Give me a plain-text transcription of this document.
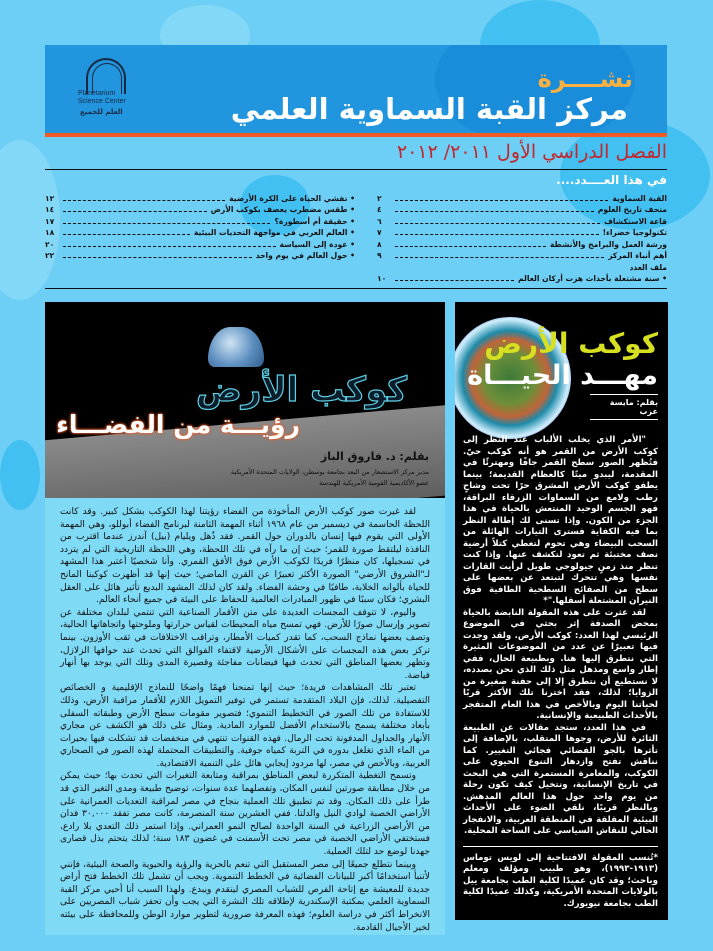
Planetarium
Science Center
العلم للجميع
نشــــرة
مركز القبة السماوية العلمي
الفصل الدراسي الأول ٢٠١١/ ٢٠١٢
في هذا العــــدد....
القبة السماوية
٢
متحف تاريخ العلوم
٤
قاعة الاستكشاف
٦
تكنولوجيا خضراء!
٧
ورشة العمل والبرامج والأنشطة
٨
أهم أنباء المركز
٩
ملف العدد
• سنة مشتعلة بأحداث هزت أركان العالم
١٠
• تفشي الحياة على الكرة الأرضية
١٢
• طقس مضطرب يعصف بكوكب الأرض
١٤
• حقيقة أم أسطورة؟
١٧
• العالم العربي في مواجهة التحديات البيئية
١٨
• عودة إلى السياسة
٢٠
• حول العالم في يوم واحد
٢٢
كوكب الأرض
رؤيـــة من الفضـــاء
بقلم: د. فاروق الباز
مدير مركز الاستشعار من البعد بجامعة بوسطن، الولايات المتحدة الأمريكية
عضو الأكاديمية القومية الأمريكية للهندسة

لقد غيرت صور كوكب الأرض المأخوذة من الفضاء رؤيتنا لهذا الكوكب بشكل كبير. وقد كانت اللحظة الحاسمة في ديسمبر من عام ١٩٦٨ أثناء المهمة الثامنة لبرنامج الفضاء أبوللو، وهي المهمة الأولى التي يقوم فيها إنسان بالدوران حول القمر. فقد ذُهل ويليام (بيل) آندرز عندما اقترب من النافذة ليلتقط صورة للقمر؛ حيث إن ما رآه في تلك اللحظة، وهي اللحظة التاريخية التي لم يتردد في تسجيلها، كان منظرًا فريدًا لكوكب الأرض فوق الأفق القمري. وأنا شخصيًا أعتبر هذا المشهد لـ"الشروق الأرضي" الصورة الأكثر تعبيرًا عن القرن الماضي؛ حيث إنها قد أظهرت كوكبنا المانح للحياة بألوانه الخلابة، طافيًا في وحشة الفضاء. ولقد كان لذلك المشهد البديع تأثير هائل على العقل البشري؛ فكان سببًا في ظهور المبادرات العالمية للحفاظ على البيئة في جميع أنحاء العالم.

واليوم، لا تتوقف المجسات العديدة على متن الأقمار الصناعية التي تنتمي لبلدان مختلفة عن تصوير وإرسال صورًا للأرض. فهي تمسح مياه المحيطات لقياس حرارتها وملوحتها واتجاهاتها الحالية، وتصف بعضها نماذج السحب، كما تقدر كميات الأمطار، وتراقب الاختلافات في ثقب الأوزون. بينما تركز بعض هذه المجسات على الأشكال الأرضية لاقتفاء الفوالق التي تحدث عند حوافها الزلازل، وتظهر بعضها المناطق التي تحدث فيها فيضانات مفاجئة وقصيرة المدى وتلك التي يوجد بها أنهار فياضة.

تعتبر تلك المشاهدات فريدة؛ حيث إنها تمنحنا فهمًا واضحًا للنماذج الإقليمية و الخصائص التفصيلية. لذلك، فإن البلاد المتقدمة تستمر في توفير التمويل اللازم للأقمار مراقبة الأرض، وذلك للاستفادة من تلك الصور في التخطيط التنموي؛ فتصوير مقومات سطح الأرض وطبقاته السفلى بأبعاد مختلفة يسمح بالاستخدام الأفضل للموارد المادية. ومثال على ذلك هو الكشف عن مجاري الأنهار والجداول المدفونة تحت الرمال. فهذه القنوات تنتهي في منخفضات قد تشكلت فيها بحيرات من الماء الذي تغلغل بدوره في التربة كمياه جوفية. والتطبيقات المحتملة لهذه الصور في الصحاري العربية، وبالأخص في مصر، لها مردود إيجابي هائل على التنمية الاقتصادية.

وتسمح التغطية المتكررة لبعض المناطق بمراقبة ومتابعة التغيرات التي تحدث بها؛ حيث يمكن من خلال مطابقة صورتين لنفس المكان، وتفصلهما عدة سنوات، توضيح طبيعة ومدى التغير الذي قد طرأ على ذلك المكان. وقد تم تطبيق تلك العملية بنجاح في مصر لمراقبة التعديات العمرانية على الأراضي الخصبة لوادي النيل والدلتا. ففي العشرين سنة المنصرمة، كانت مصر تفقد ٣٠,٠٠٠ فدان من الأراضي الزراعية في السنة الواحدة لصالح النمو العمراني. وإذا استمر ذلك التعدي بلا رادع، فستختفي الأراضي الخصبة في مصر تحت الأسمنت في غضون ١٨٣ سنة؛ لذلك يتحتم بذل قصارى جهدنا لوضع حد لتلك العملية.

وبينما نتطلع جميعًا إلى مصر المستقبل التي تنعم بالحرية والرؤية والحيوية والصحة البيئية، فإنني لأتنبأ استخدامًا أكبر للبيانات الفضائية في الخطط التنموية. ويجب أن تشمل تلك الخطط فتح أراض جديدة للمعيشة مع إتاحة الفرص للشباب المصري ليتقدم ويبدع. ولهذا السبب أنا أحيي مركز القبة السماوية العلمي بمكتبة الإسكندرية لإطلاقه تلك النشرة التي يجب وأن تحفز شباب المصريين على الانخراط أكثر في دراسة العلوم؛ فهذه المعرفة ضرورية لتطوير موارد الوطن وللمحافظة على بيئته لخير الأجيال القادمة.

كوكب الأرض
مهـــد الحيـــاة
بقلم: مايسة عزب

"الأمر الذي يخلب الألباب عند النظر إلى كوكب الأرض من القمر هو أنه كوكب حيّ. فتُظهر الصور سطح القمر جافًا ومهترئًا في المقدمة، ليبدو ميتًا كالعظام القديمة؛ بينما يطفو كوكب الأرض المشرق حرًا تحت وشاحٍ رطب ولامع من السماوات الزرقاء البراقة، فهو الجسم الوحيد المنتعش بالحياة في هذا الجزء من الكون. وإذا تسنى لك إطالة النظر بما فيه الكفاية فسترى التيارات الهائلة من السحب البيضاء وهي تحوم لتغطي كتلاً أرضية نصف مختبئة ثم تعود لتكشف عنها. وإذا كنت تنظر منذ زمنٍ جيولوجي طويل لرأيت القارات نفسها وهي تتحرك لتبتعد عن بعضها على سطح من الصفائح السطحية الطافية فوق النيران المشتعلة أسفلها."*

لقد عثرت على هذه المقولة النابضة بالحياة بمحض الصدفة إثر بحثي في الموضوع الرئيسي لهذا العدد: كوكب الأرض. ولقد وجدت فيها تعبيرًا عن عدد من الموضوعات المثيرة التي نتطرق إليها هنا. وبطبيعة الحال، ففي إطار واسع ومذهل مثل ذلك الذي نحن بصدده، لا نستطيع أن نتطرق إلا إلى حفنة صغيرة من الزوايا؛ لذلك، فقد اخترنا تلك الأكثر قربًا لحياتنا اليوم وبالأخص في هذا العام المتفجر بالأحداث الطبيعية والإنسانية.

في هذا العدد، ستجد مقالات عن الطبيعة الثائرة للأرض، وجوها المتقلب، بالإضافة إلى تأثرها بالجو الفضائي فجائي التغيير. كما نناقش تفتح وازدهار التنوع الحيوي على الكوكب، والمغامرة المستمرة التي هي البحث في تاريخ الإنسانية، ونتخيل كيف تكون رحلة من يوم واحد حول هذا العالم المدهش. وبالنظر قريبًا، نلقي الضوء على الأحداث البيئية المقلقة في المنطقة العربية، والانفجار الحالي للنقاش السياسي على الساحة المحلية.

*تُنسب المقولة الافتتاحية إلى لويس توماس (١٩١٣-١٩٩٣)، وهو طبيب ومؤلف ومعلم وباحث؛ وقد كان عميدًا لكلية الطب بجامعة ييل بالولايات المتحدة الأمريكية، وكذلك عميدًا لكلية الطب بجامعة نيويورك.
